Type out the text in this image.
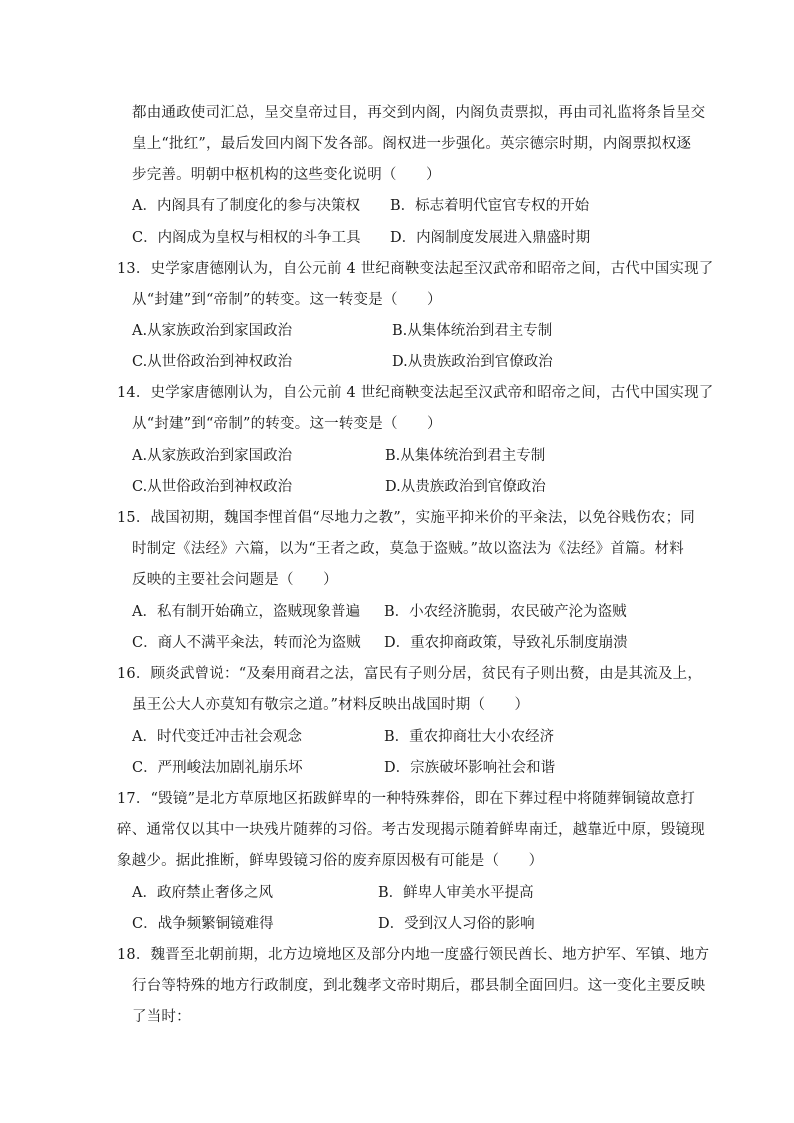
都由通政使司汇总，呈交皇帝过目，再交到内阁，内阁负责票拟，再由司礼监将条旨呈交
皇上“批红”，最后发回内阁下发各部。阁权进一步强化。英宗德宗时期，内阁票拟权逐
步完善。明朝中枢机构的这些变化说明（　　）
A．内阁具有了制度化的参与决策权 B．标志着明代宦官专权的开始
C．内阁成为皇权与相权的斗争工具 D．内阁制度发展进入鼎盛时期
13．史学家唐德刚认为，自公元前 4 世纪商鞅变法起至汉武帝和昭帝之间，古代中国实现了
从“封建”到“帝制”的转变。这一转变是（　　）
A.从家族政治到家国政治	B.从集体统治到君主专制
C.从世俗政治到神权政治	D.从贵族政治到官僚政治
14．史学家唐德刚认为，自公元前 4 世纪商鞅变法起至汉武帝和昭帝之间，古代中国实现了
从“封建”到“帝制”的转变。这一转变是（　　）
A.从家族政治到家国政治	B.从集体统治到君主专制
C.从世俗政治到神权政治	D.从贵族政治到官僚政治
15．战国初期，魏国李悝首倡“尽地力之教”，实施平抑米价的平籴法，以免谷贱伤农；同
时制定《法经》六篇，以为“王者之政，莫急于盗贼。”故以盗法为《法经》首篇。材料
反映的主要社会问题是（　　）
A．私有制开始确立，盗贼现象普遍 B．小农经济脆弱，农民破产沦为盗贼
C．商人不满平籴法，转而沦为盗贼 D．重农抑商政策，导致礼乐制度崩溃
16．顾炎武曾说：“及秦用商君之法，富民有子则分居，贫民有子则出赘，由是其流及上，
虽王公大人亦莫知有敬宗之道。”材料反映出战国时期（　　）
A．时代变迁冲击社会观念	B．重农抑商壮大小农经济
C．严刑峻法加剧礼崩乐坏	D．宗族破坏影响社会和谐
17．“毁镜”是北方草原地区拓跋鲜卑的一种特殊葬俗，即在下葬过程中将随葬铜镜故意打
碎、通常仅以其中一块残片随葬的习俗。考古发现揭示随着鲜卑南迁，越靠近中原，毁镜现
象越少。据此推断，鲜卑毁镜习俗的废弃原因极有可能是（　　）
A．政府禁止奢侈之风	B．鲜卑人审美水平提高
C．战争频繁铜镜难得	D．受到汉人习俗的影响
18．魏晋至北朝前期，北方边境地区及部分内地一度盛行领民酋长、地方护军、军镇、地方
行台等特殊的地方行政制度，到北魏孝文帝时期后，郡县制全面回归。这一变化主要反映
了当时：
